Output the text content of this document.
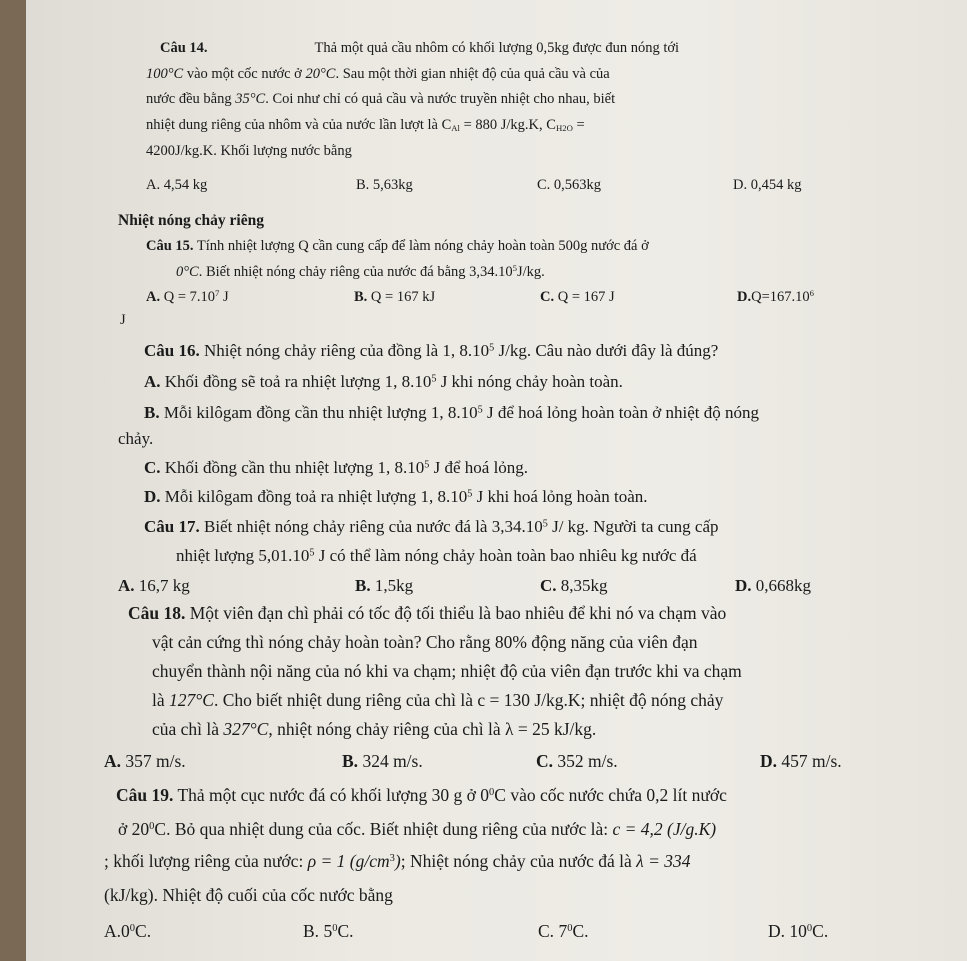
Câu 14.	Thả một quả cầu nhôm có khối lượng 0,5kg được đun nóng tới
100°C vào một cốc nước ở 20°C. Sau một thời gian nhiệt độ của quả cầu và của
nước đều bằng 35°C. Coi như chỉ có quả cầu và nước truyền nhiệt cho nhau, biết
nhiệt dung riêng của nhôm và của nước lần lượt là $C_{Al} = 880$ J/kg.K, $C_{H2O}$ =
4200J/kg.K. Khối lượng nước bằng
A. 4,54 kg	B. 5,63kg	C. 0,563kg	D. 0,454 kg
Nhiệt nóng chảy riêng
Câu 15. Tính nhiệt lượng Q cần cung cấp để làm nóng chảy hoàn toàn 500g nước đá ở
0°C. Biết nhiệt nóng chảy riêng của nước đá bằng 3,34.10$^5$J/kg.
A. $Q = 7.10^7$ J	B. Q = 167 kJ	C. Q = 167 J	$D.Q=167.10^6$
J
Câu 16. Nhiệt nóng chảy riêng của đồng là 1, 8.10$^5$ J/kg. Câu nào dưới đây là đúng?
A. Khối đồng sẽ toả ra nhiệt lượng 1, 8.10$^5$ J khi nóng chảy hoàn toàn.
B. Mỗi kilôgam đồng cần thu nhiệt lượng 1, 8.10$^5$ J để hoá lỏng hoàn toàn ở nhiệt độ nóng
chảy.
C. Khối đồng cần thu nhiệt lượng 1, 8.10$^5$ J để hoá lỏng.
D. Mỗi kilôgam đồng toả ra nhiệt lượng 1, 8.10$^5$ J khi hoá lỏng hoàn toàn.
Câu 17. Biết nhiệt nóng chảy riêng của nước đá là 3,34.10$^5$ J/ kg. Người ta cung cấp
nhiệt lượng 5,01.10$^5$ J có thể làm nóng chảy hoàn toàn bao nhiêu kg nước đá
A. 16,7 kg	B. 1,5kg	C. 8,35kg	D. 0,668kg
Câu 18. Một viên đạn chì phải có tốc độ tối thiểu là bao nhiêu để khi nó va chạm vào
vật cản cứng thì nóng chảy hoàn toàn? Cho rằng 80% động năng của viên đạn
chuyển thành nội năng của nó khi va chạm; nhiệt độ của viên đạn trước khi va chạm
là 127°C. Cho biết nhiệt dung riêng của chì là c = 130 J/kg.K; nhiệt độ nóng chảy
của chì là 327°C, nhiệt nóng chảy riêng của chì là λ = 25 kJ/kg.
A. 357 m/s.	B. 324 m/s.	C. 352 m/s.	D. 457 m/s.
Câu 19. Thả một cục nước đá có khối lượng 30 g ở $0^0C$ vào cốc nước chứa 0,2 lít nước
ở $20^0C$. Bỏ qua nhiệt dung của cốc. Biết nhiệt dung riêng của nước là: c = 4,2 (J/g.K)
; khối lượng riêng của nước: ρ = 1 $(g/cm^3)$; Nhiệt nóng chảy của nước đá là λ = 334
(kJ/kg). Nhiệt độ cuối của cốc nước bằng
$A.0^0C$.	B. $5^0C$.	C. $7^0C$.	D. $10^0C$.
